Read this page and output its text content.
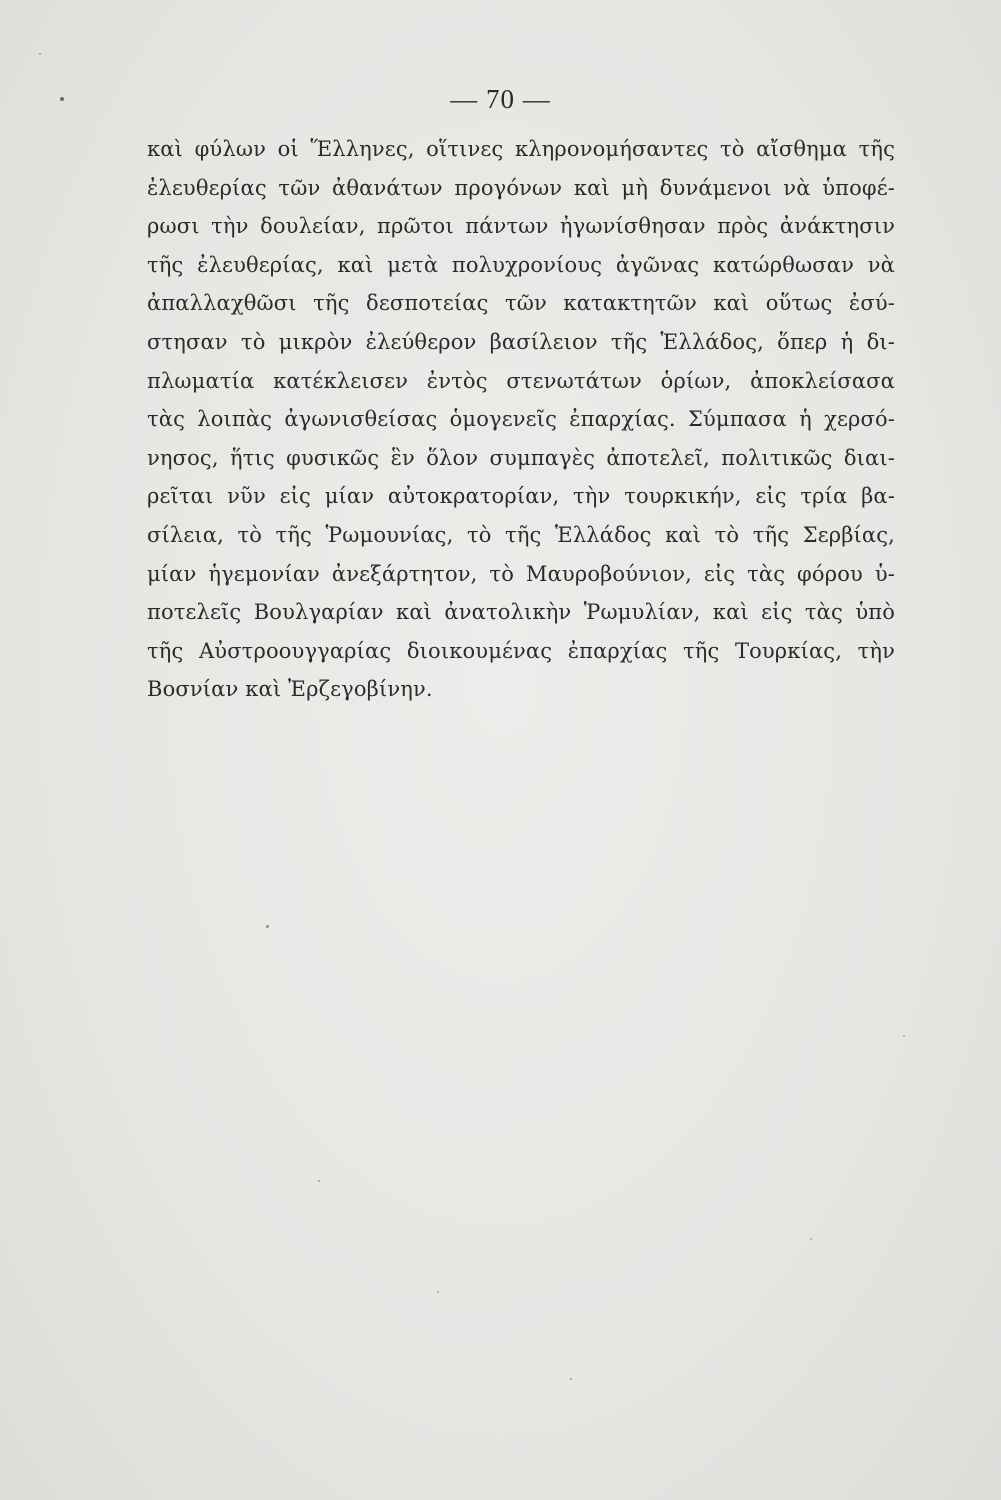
— 70 —
καὶ φύλων οἱ Ἕλληνες, οἵτινες κληρονομήσαντες τὸ αἴσθημα τῆς
ἐλευθερίας τῶν ἀθανάτων προγόνων καὶ μὴ δυνάμενοι νὰ ὑποφέ-
ρωσι τὴν δουλείαν, πρῶτοι πάντων ἠγωνίσθησαν πρὸς ἀνάκτησιν
τῆς ἐλευθερίας, καὶ μετὰ πολυχρονίους ἀγῶνας κατώρθωσαν νὰ
ἀπαλλαχθῶσι τῆς δεσποτείας τῶν κατακτητῶν καὶ οὕτως ἐσύ-
στησαν τὸ μικρὸν ἐλεύθερον βασίλειον τῆς Ἑλλάδος, ὅπερ ἡ δι-
πλωματία κατέκλεισεν ἐντὸς στενωτάτων ὁρίων, ἀποκλείσασα
τὰς λοιπὰς ἀγωνισθείσας ὁμογενεῖς ἐπαρχίας. Σύμπασα ἡ χερσό-
νησος, ἥτις φυσικῶς ἓν ὅλον συμπαγὲς ἀποτελεῖ, πολιτικῶς διαι-
ρεῖται νῦν εἰς μίαν αὐτοκρατορίαν, τὴν τουρκικήν, εἰς τρία βα-
σίλεια, τὸ τῆς Ῥωμουνίας, τὸ τῆς Ἑλλάδος καὶ τὸ τῆς Σερβίας,
μίαν ἡγεμονίαν ἀνεξάρτητον, τὸ Μαυροβούνιον, εἰς τὰς φόρου ὑ-
ποτελεῖς Βουλγαρίαν καὶ ἀνατολικὴν Ῥωμυλίαν, καὶ εἰς τὰς ὑπὸ
τῆς Αὐστροουγγαρίας διοικουμένας ἐπαρχίας τῆς Τουρκίας, τὴν
Βοσνίαν καὶ Ἐρζεγοβίνην.
